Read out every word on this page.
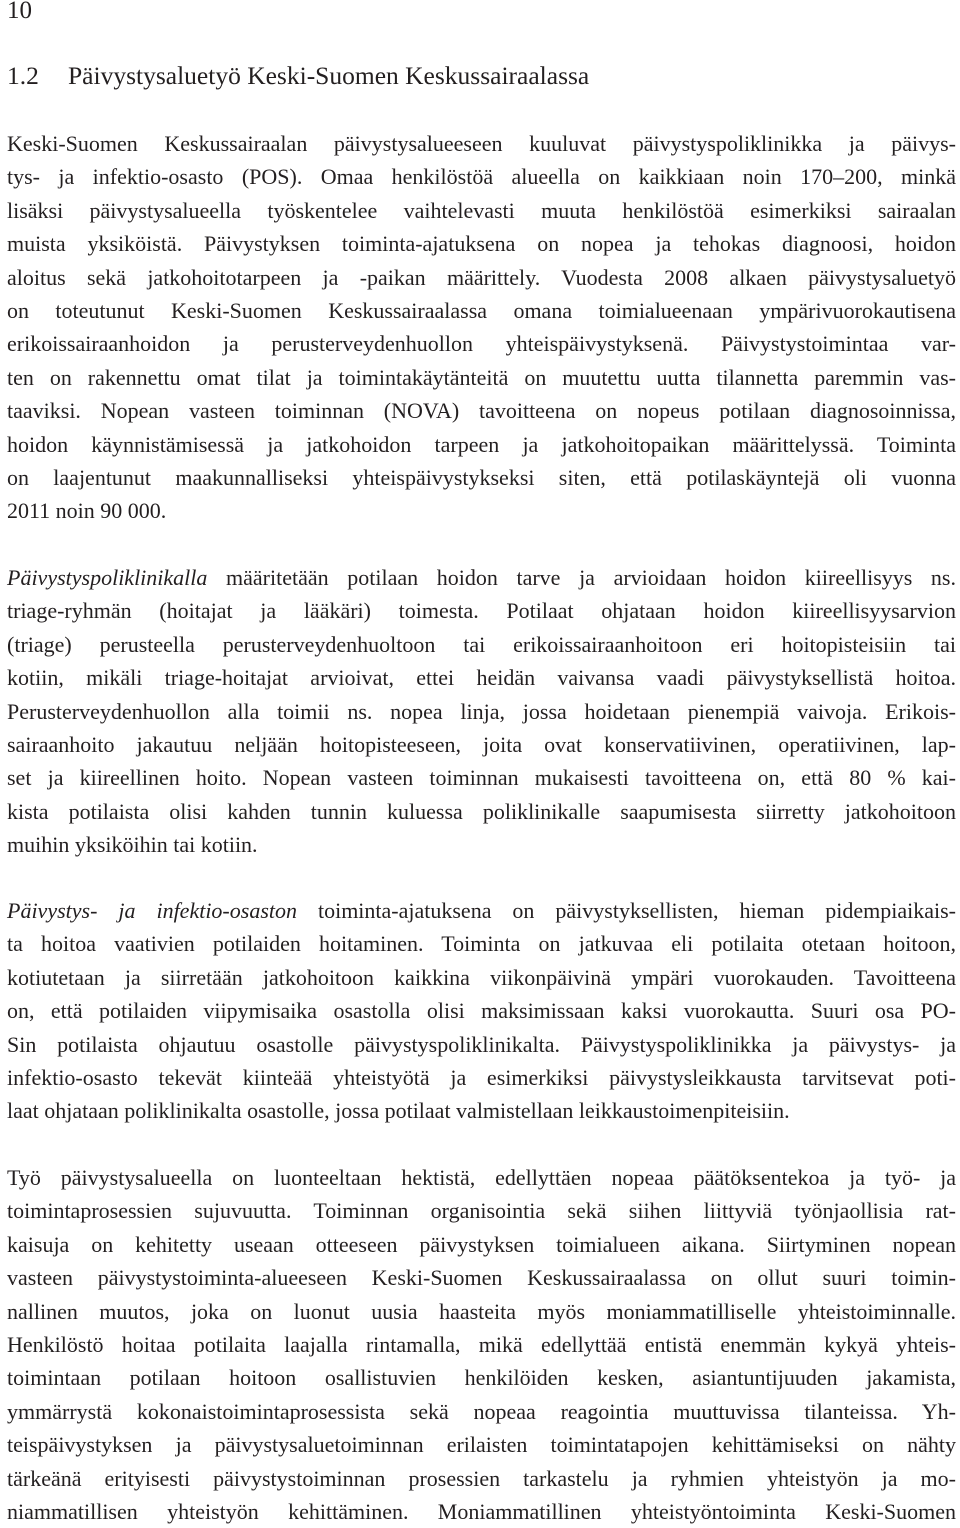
10
1.2 Päivystysaluetyö Keski-Suomen Keskussairaalassa

Keski-Suomen Keskussairaalan päivystysalueeseen kuuluvat päivystyspoliklinikka ja päivys-
tys- ja infektio-osasto (POS). Omaa henkilöstöä alueella on kaikkiaan noin 170–200, minkä
lisäksi päivystysalueella työskentelee vaihtelevasti muuta henkilöstöä esimerkiksi sairaalan
muista yksiköistä. Päivystyksen toiminta-ajatuksena on nopea ja tehokas diagnoosi, hoidon
aloitus sekä jatkohoitotarpeen ja -paikan määrittely. Vuodesta 2008 alkaen päivystysaluetyö
on toteutunut Keski-Suomen Keskussairaalassa omana toimialueenaan ympärivuorokautisena
erikoissairaanhoidon ja perusterveydenhuollon yhteispäivystyksenä. Päivystystoimintaa var-
ten on rakennettu omat tilat ja toimintakäytänteitä on muutettu uutta tilannetta paremmin vas-
taaviksi. Nopean vasteen toiminnan (NOVA) tavoitteena on nopeus potilaan diagnosoinnissa,
hoidon käynnistämisessä ja jatkohoidon tarpeen ja jatkohoitopaikan määrittelyssä. Toiminta
on laajentunut maakunnalliseksi yhteispäivystykseksi siten, että potilaskäyntejä oli vuonna
2011 noin 90 000.

Päivystyspoliklinikalla määritetään potilaan hoidon tarve ja arvioidaan hoidon kiireellisyys ns.
triage-ryhmän (hoitajat ja lääkäri) toimesta. Potilaat ohjataan hoidon kiireellisyysarvion
(triage) perusteella perusterveydenhuoltoon tai erikoissairaanhoitoon eri hoitopisteisiin tai
kotiin, mikäli triage-hoitajat arvioivat, ettei heidän vaivansa vaadi päivystyksellistä hoitoa.
Perusterveydenhuollon alla toimii ns. nopea linja, jossa hoidetaan pienempiä vaivoja. Erikois-
sairaanhoito jakautuu neljään hoitopisteeseen, joita ovat konservatiivinen, operatiivinen, lap-
set ja kiireellinen hoito. Nopean vasteen toiminnan mukaisesti tavoitteena on, että 80 % kai-
kista potilaista olisi kahden tunnin kuluessa poliklinikalle saapumisesta siirretty jatkohoitoon
muihin yksiköihin tai kotiin.

Päivystys- ja infektio-osaston toiminta-ajatuksena on päivystyksellisten, hieman pidempiaikais-
ta hoitoa vaativien potilaiden hoitaminen. Toiminta on jatkuvaa eli potilaita otetaan hoitoon,
kotiutetaan ja siirretään jatkohoitoon kaikkina viikonpäivinä ympäri vuorokauden. Tavoitteena
on, että potilaiden viipymisaika osastolla olisi maksimissaan kaksi vuorokautta. Suuri osa PO-
Sin potilaista ohjautuu osastolle päivystyspoliklinikalta. Päivystyspoliklinikka ja päivystys- ja
infektio-osasto tekevät kiinteää yhteistyötä ja esimerkiksi päivystysleikkausta tarvitsevat poti-
laat ohjataan poliklinikalta osastolle, jossa potilaat valmistellaan leikkaustoimenpiteisiin.

Työ päivystysalueella on luonteeltaan hektistä, edellyttäen nopeaa päätöksentekoa ja työ- ja
toimintaprosessien sujuvuutta. Toiminnan organisointia sekä siihen liittyviä työnjaollisia rat-
kaisuja on kehitetty useaan otteeseen päivystyksen toimialueen aikana. Siirtyminen nopean
vasteen päivystystoiminta-alueeseen Keski-Suomen Keskussairaalassa on ollut suuri toimin-
nallinen muutos, joka on luonut uusia haasteita myös moniammatilliselle yhteistoiminnalle.
Henkilöstö hoitaa potilaita laajalla rintamalla, mikä edellyttää entistä enemmän kykyä yhteis-
toimintaan potilaan hoitoon osallistuvien henkilöiden kesken, asiantuntijuuden jakamista,
ymmärrystä kokonaistoimintaprosessista sekä nopeaa reagointia muuttuvissa tilanteissa. Yh-
teispäivystyksen ja päivystysaluetoiminnan erilaisten toimintatapojen kehittämiseksi on nähty
tärkeänä erityisesti päivystystoiminnan prosessien tarkastelu ja ryhmien yhteistyön ja mo-
niammatillisen yhteistyön kehittäminen. Moniammatillinen yhteistyöntoiminta Keski-Suomen
